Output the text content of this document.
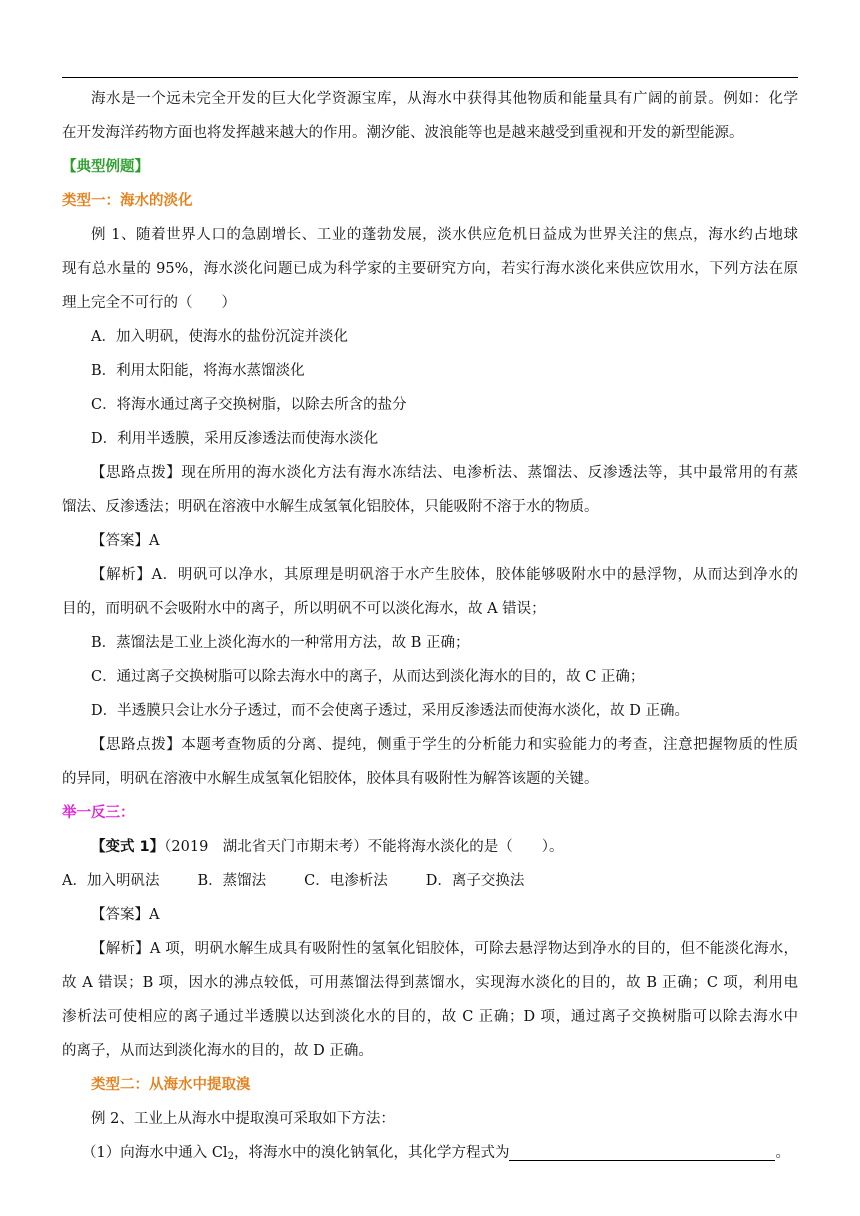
海水是一个远未完全开发的巨大化学资源宝库，从海水中获得其他物质和能量具有广阔的前景。例如：化学
在开发海洋药物方面也将发挥越来越大的作用。潮汐能、波浪能等也是越来越受到重视和开发的新型能源。
【典型例题】
类型一：海水的淡化
例 1、随着世界人口的急剧增长、工业的蓬勃发展，淡水供应危机日益成为世界关注的焦点，海水约占地球
现有总水量的 95%，海水淡化问题已成为科学家的主要研究方向，若实行海水淡化来供应饮用水，下列方法在原
理上完全不可行的（　　）
A．加入明矾，使海水的盐份沉淀并淡化
B．利用太阳能，将海水蒸馏淡化
C．将海水通过离子交换树脂，以除去所含的盐分
D．利用半透膜，采用反渗透法而使海水淡化
【思路点拨】现在所用的海水淡化方法有海水冻结法、电渗析法、蒸馏法、反渗透法等，其中最常用的有蒸
馏法、反渗透法；明矾在溶液中水解生成氢氧化铝胶体，只能吸附不溶于水的物质。
【答案】A
【解析】A．明矾可以净水，其原理是明矾溶于水产生胶体，胶体能够吸附水中的悬浮物，从而达到净水的
目的，而明矾不会吸附水中的离子，所以明矾不可以淡化海水，故 A 错误；
B．蒸馏法是工业上淡化海水的一种常用方法，故 B 正确；
C．通过离子交换树脂可以除去海水中的离子，从而达到淡化海水的目的，故 C 正确；
D．半透膜只会让水分子透过，而不会使离子透过，采用反渗透法而使海水淡化，故 D 正确。
【思路点拨】本题考查物质的分离、提纯，侧重于学生的分析能力和实验能力的考查，注意把握物质的性质
的异同，明矾在溶液中水解生成氢氧化铝胶体，胶体具有吸附性为解答该题的关键。
举一反三：
【变式 1】（2019　湖北省天门市期末考）不能将海水淡化的是（　　）。
A．加入明矾法	B．蒸馏法	C．电渗析法	D．离子交换法
【答案】A
【解析】A 项，明矾水解生成具有吸附性的氢氧化铝胶体，可除去悬浮物达到净水的目的，但不能淡化海水，
故 A 错误；B 项，因水的沸点较低，可用蒸馏法得到蒸馏水，实现海水淡化的目的，故 B 正确；C 项，利用电
渗析法可使相应的离子通过半透膜以达到淡化水的目的，故 C 正确；D 项，通过离子交换树脂可以除去海水中
的离子，从而达到淡化海水的目的，故 D 正确。
类型二：从海水中提取溴
例 2、工业上从海水中提取溴可采取如下方法：
（1）向海水中通入 $Cl_2$，将海水中的溴化钠氧化，其化学方程式为	。
